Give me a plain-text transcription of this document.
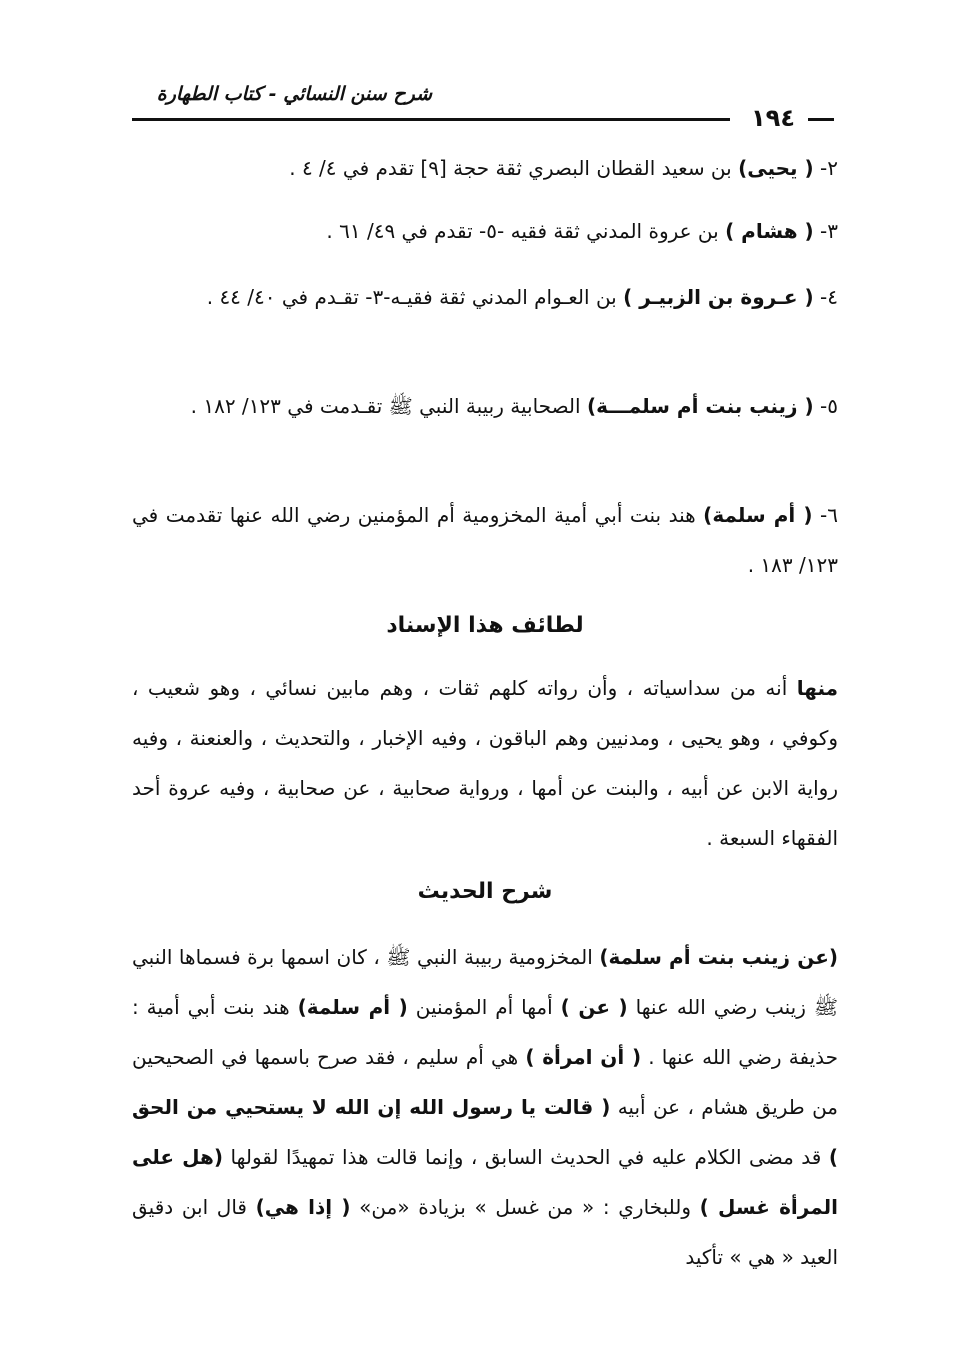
شرح سنن النسائي - كتاب الطهارة
١٩٤
٢- ( يحيى) بن سعيد القطان البصري ثقة حجة [٩] تقدم في ٤/ ٤ .
٣- ( هشام ) بن عروة المدني ثقة فقيه -٥- تقدم في ٤٩/ ٦١ .
٤- ( عـروة بن الزبيـر ) بن العـوام المدني ثقة فقيـه-٣- تقـدم في ٤٠/ ٤٤ .
٥- ( زينب بنت أم سلمـــة) الصحابية ربيبة النبي ﷺ تقـدمت في ١٢٣/ ١٨٢ .
٦- ( أم سلمة) هند بنت أبي أمية المخزومية أم المؤمنين رضي الله عنها تقدمت في ١٢٣/ ١٨٣ .
لطائف هذا الإسناد
منها أنه من سداسياته ، وأن رواته كلهم ثقات ، وهم مابين نسائي ، وهو شعيب ، وكوفي ، وهو يحيى ، ومدنيين وهم الباقون ، وفيه الإخبار ، والتحديث ، والعنعنة ، وفيه رواية الابن عن أبيه ، والبنت عن أمها ، ورواية صحابية ، عن صحابية ، وفيه عروة أحد الفقهاء السبعة .
شرح الحديث
(عن زينب بنت أم سلمة) المخزومية ربيبة النبي ﷺ ، كان اسمها برة فسماها النبي ﷺ زينب رضي الله عنها ( عن ) أمها أم المؤمنين ( أم سلمة) هند بنت أبي أمية : حذيفة رضي الله عنها . ( أن امرأة ) هي أم سليم ، فقد صرح باسمها في الصحيحين من طريق هشام ، عن أبيه ( قالت يا رسول الله إن الله لا يستحيي من الحق ) قد مضى الكلام عليه في الحديث السابق ، وإنما قالت هذا تمهيدًا لقولها (هل على المرأة غسل ) وللبخاري : « من غسل » بزيادة «من» ( إذا هي) قال ابن دقيق العيد « هي » تأكيد
